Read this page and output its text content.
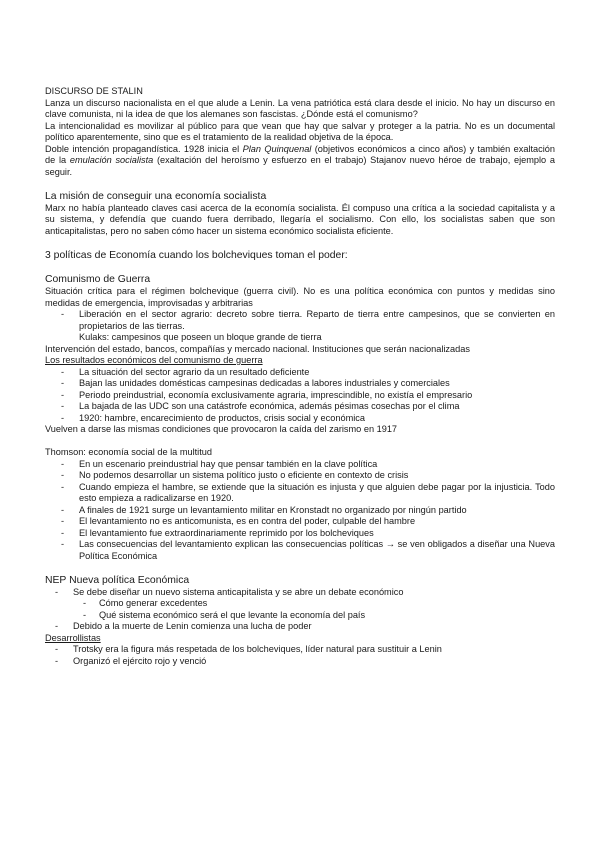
DISCURSO DE STALIN

Lanza un discurso nacionalista en el que alude a Lenin. La vena patriótica está clara desde el inicio. No hay un discurso en clave comunista, ni la idea de que los alemanes son fascistas. ¿Dónde está el comunismo?

La intencionalidad es movilizar al público para que vean que hay que salvar y proteger a la patria. No es un documental político aparentemente, sino que es el tratamiento de la realidad objetiva de la época.

Doble intención propagandística. 1928 inicia el Plan Quinquenal (objetivos económicos a cinco años) y también exaltación de la emulación socialista (exaltación del heroísmo y esfuerzo en el trabajo) Stajanov nuevo héroe de trabajo, ejemplo a seguir.

La misión de conseguir una economía socialista

Marx no había planteado claves casi acerca de la economía socialista. Él compuso una crítica a la sociedad capitalista y a su sistema, y defendía que cuando fuera derribado, llegaría el socialismo. Con ello, los socialistas saben que son anticapitalistas, pero no saben cómo hacer un sistema económico socialista eficiente.

3 políticas de Economía cuando los bolcheviques toman el poder:

Comunismo de Guerra

Situación crítica para el régimen bolchevique (guerra civil). No es una política económica con puntos y medidas sino medidas de emergencia, improvisadas y arbitrarias

- Liberación en el sector agrario: decreto sobre tierra. Reparto de tierra entre campesinos, que se convierten en propietarios de las tierras.

Kulaks: campesinos que poseen un bloque grande de tierra

Intervención del estado, bancos, compañías y mercado nacional. Instituciones que serán nacionalizadas

Los resultados económicos del comunismo de guerra

- La situación del sector agrario da un resultado deficiente
- Bajan las unidades domésticas campesinas dedicadas a labores industriales y comerciales
- Periodo preindustrial, economía exclusivamente agraria, imprescindible, no existía el empresario
- La bajada de las UDC son una catástrofe económica, además pésimas cosechas por el clima
- 1920: hambre, encarecimiento de productos, crisis social y económica

Vuelven a darse las mismas condiciones que provocaron la caída del zarismo en 1917

Thomson: economía social de la multitud

- En un escenario preindustrial hay que pensar también en la clave política
- No podemos desarrollar un sistema político justo o eficiente en contexto de crisis
- Cuando empieza el hambre, se extiende que la situación es injusta y que alguien debe pagar por la injusticia. Todo esto empieza a radicalizarse en 1920.
- A finales de 1921 surge un levantamiento militar en Kronstadt no organizado por ningún partido
- El levantamiento no es anticomunista, es en contra del poder, culpable del hambre
- El levantamiento fue extraordinariamente reprimido por los bolcheviques
- Las consecuencias del levantamiento explican las consecuencias políticas → se ven obligados a diseñar una Nueva Política Económica

NEP Nueva política Económica

- Se debe diseñar un nuevo sistema anticapitalista y se abre un debate económico
- Cómo generar excedentes
- Qué sistema económico será el que levante la economía del país
- Debido a la muerte de Lenin comienza una lucha de poder

Desarrollistas

- Trotsky era la figura más respetada de los bolcheviques, líder natural para sustituir a Lenin
- Organizó el ejército rojo y venció
